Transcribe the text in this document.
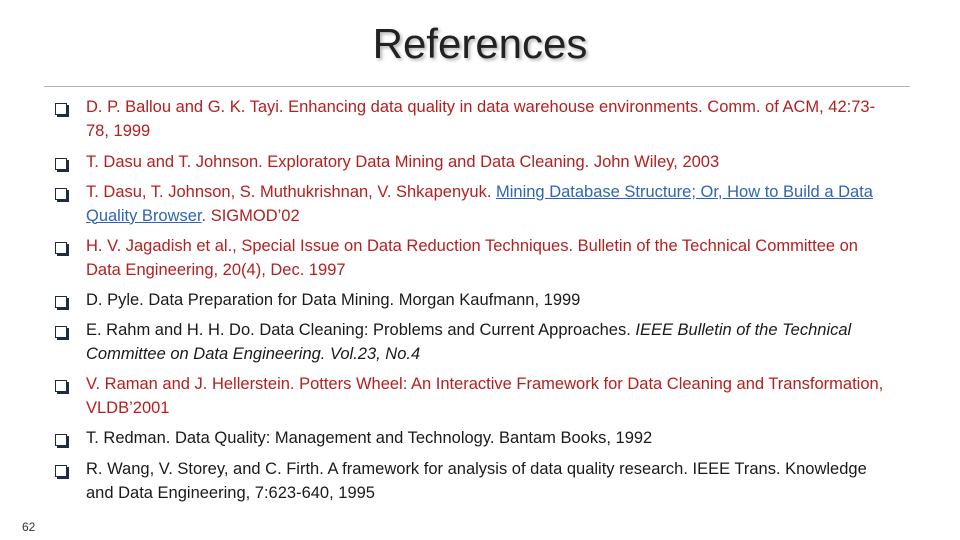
References
D. P. Ballou and G. K. Tayi. Enhancing data quality in data warehouse environments. Comm. of ACM, 42:73-78, 1999
T. Dasu and T. Johnson. Exploratory Data Mining and Data Cleaning. John Wiley, 2003
T. Dasu, T. Johnson, S. Muthukrishnan, V. Shkapenyuk. Mining Database Structure; Or, How to Build a Data Quality Browser. SIGMOD’02
H. V. Jagadish et al., Special Issue on Data Reduction Techniques. Bulletin of the Technical Committee on Data Engineering, 20(4), Dec. 1997
D. Pyle. Data Preparation for Data Mining. Morgan Kaufmann, 1999
E. Rahm and H. H. Do. Data Cleaning: Problems and Current Approaches. IEEE Bulletin of the Technical Committee on Data Engineering. Vol.23, No.4
V. Raman and J. Hellerstein. Potters Wheel: An Interactive Framework for Data Cleaning and Transformation, VLDB’2001
T. Redman. Data Quality: Management and Technology. Bantam Books, 1992
R. Wang, V. Storey, and C. Firth. A framework for analysis of data quality research. IEEE Trans. Knowledge and Data Engineering, 7:623-640, 1995
62
